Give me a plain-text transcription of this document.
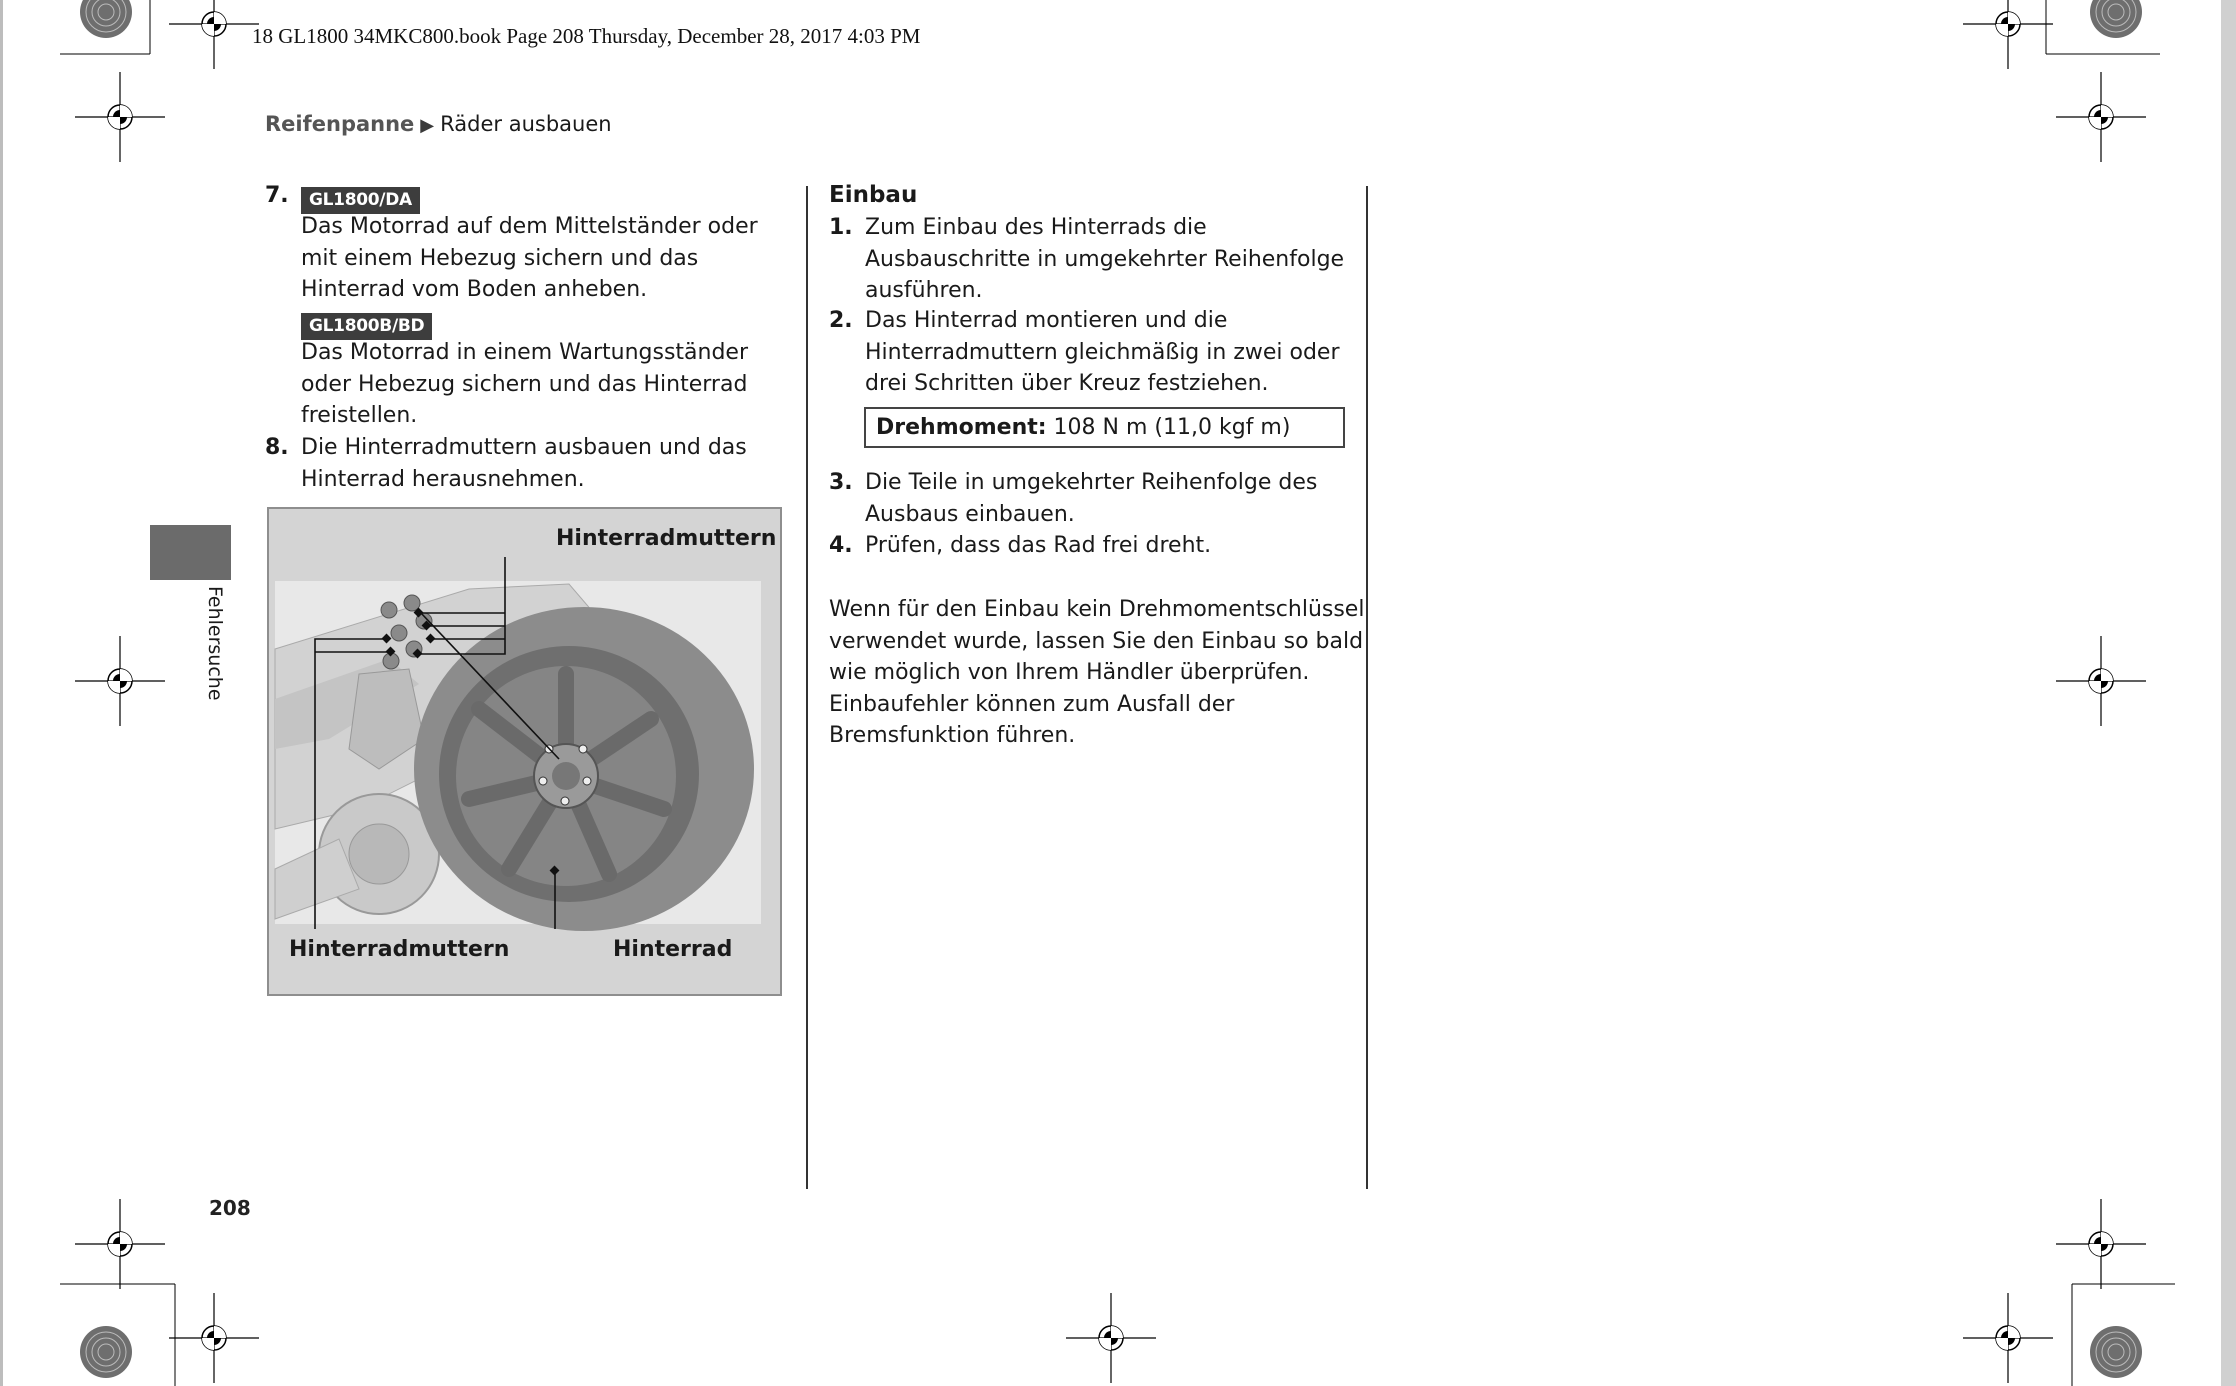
18 GL1800 34MKC800.book Page 208 Thursday, December 28, 2017 4:03 PM
Reifenpanne ▶ Räder ausbauen
7.	GL1800/DA
Das Motorrad auf dem Mittelständer oder
mit einem Hebezug sichern und das
Hinterrad vom Boden anheben.
GL1800B/BD
Das Motorrad in einem Wartungsständer
oder Hebezug sichern und das Hinterrad
freistellen.
8. Die Hinterradmuttern ausbauen und das
Hinterrad herausnehmen.
Hinterradmuttern
Hinterradmuttern	Hinterrad
Einbau
1. Zum Einbau des Hinterrads die
Ausbauschritte in umgekehrter Reihenfolge
ausführen.
2. Das Hinterrad montieren und die
Hinterradmuttern gleichmäßig in zwei oder
drei Schritten über Kreuz festziehen.
Drehmoment: 108 N m (11,0 kgf m)
3. Die Teile in umgekehrter Reihenfolge des
Ausbaus einbauen.
4. Prüfen, dass das Rad frei dreht.
Wenn für den Einbau kein Drehmomentschlüssel
verwendet wurde, lassen Sie den Einbau so bald
wie möglich von Ihrem Händler überprüfen.
Einbaufehler können zum Ausfall der
Bremsfunktion führen.
Fehlersuche
208
